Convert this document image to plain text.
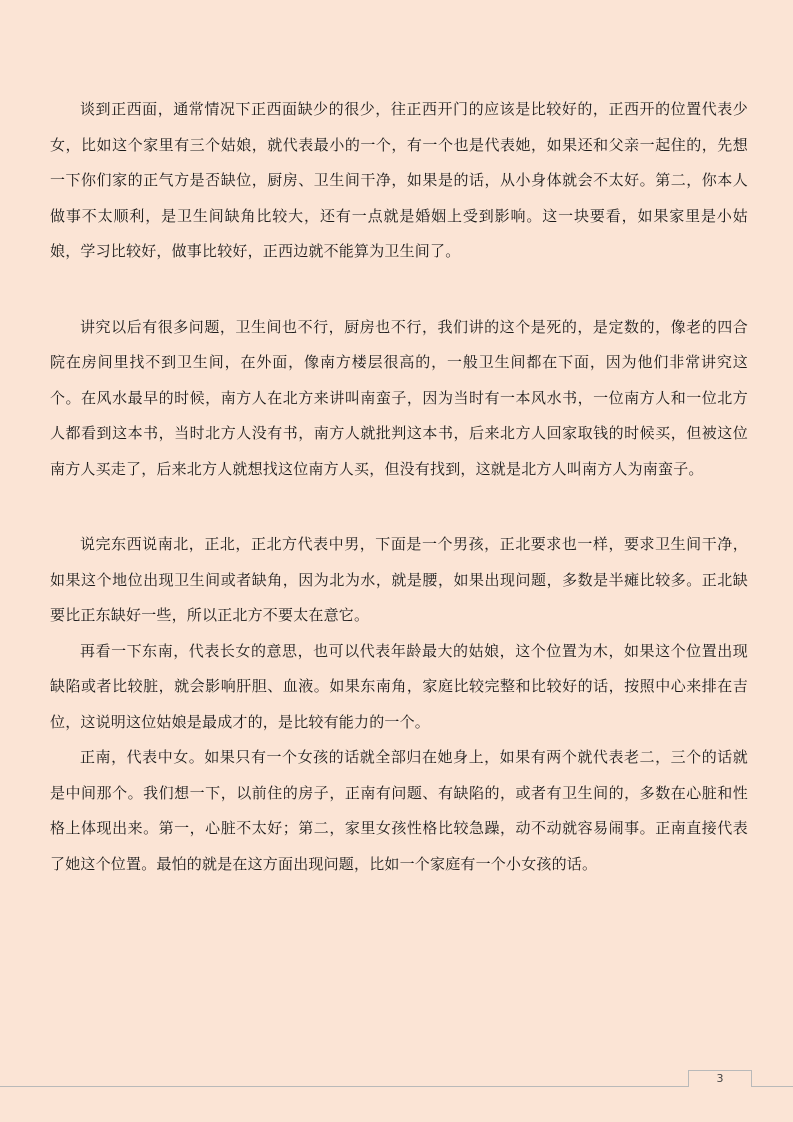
谈到正西面，通常情况下正西面缺少的很少，往正西开门的应该是比较好的，正西开的位置代表少女，比如这个家里有三个姑娘，就代表最小的一个，有一个也是代表她，如果还和父亲一起住的，先想一下你们家的正气方是否缺位，厨房、卫生间干净，如果是的话，从小身体就会不太好。第二，你本人做事不太顺利，是卫生间缺角比较大，还有一点就是婚姻上受到影响。这一块要看，如果家里是小姑娘，学习比较好，做事比较好，正西边就不能算为卫生间了。

讲究以后有很多问题，卫生间也不行，厨房也不行，我们讲的这个是死的，是定数的，像老的四合院在房间里找不到卫生间，在外面，像南方楼层很高的，一般卫生间都在下面，因为他们非常讲究这个。在风水最早的时候，南方人在北方来讲叫南蛮子，因为当时有一本风水书，一位南方人和一位北方人都看到这本书，当时北方人没有书，南方人就批判这本书，后来北方人回家取钱的时候买，但被这位南方人买走了，后来北方人就想找这位南方人买，但没有找到，这就是北方人叫南方人为南蛮子。

说完东西说南北，正北，正北方代表中男，下面是一个男孩，正北要求也一样，要求卫生间干净，如果这个地位出现卫生间或者缺角，因为北为水，就是腰，如果出现问题，多数是半瘫比较多。正北缺要比正东缺好一些，所以正北方不要太在意它。

再看一下东南，代表长女的意思，也可以代表年龄最大的姑娘，这个位置为木，如果这个位置出现缺陷或者比较脏，就会影响肝胆、血液。如果东南角，家庭比较完整和比较好的话，按照中心来排在吉位，这说明这位姑娘是最成才的，是比较有能力的一个。

正南，代表中女。如果只有一个女孩的话就全部归在她身上，如果有两个就代表老二，三个的话就是中间那个。我们想一下，以前住的房子，正南有问题、有缺陷的，或者有卫生间的，多数在心脏和性格上体现出来。第一，心脏不太好；第二，家里女孩性格比较急躁，动不动就容易闹事。正南直接代表了她这个位置。最怕的就是在这方面出现问题，比如一个家庭有一个小女孩的话。

3
